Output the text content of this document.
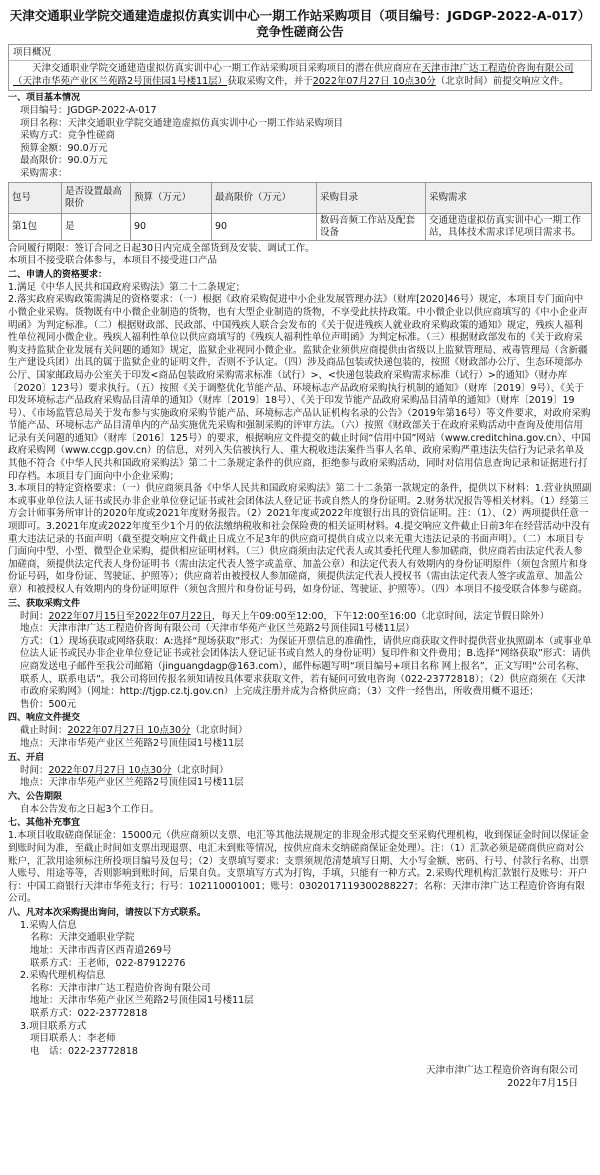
天津交通职业学院交通建造虚拟仿真实训中心一期工作站采购项目（项目编号：JGDGP-2022-A-017）竞争性磋商公告
项目概况
天津交通职业学院交通建造虚拟仿真实训中心一期工作站采购项目采购项目的潜在供应商应在天津市津广达工程造价咨询有限公司（天津市华苑产业区兰苑路2号顶佳园1号楼11层）获取采购文件，并于2022年07月27日 10点30分（北京时间）前提交响应文件。
一、项目基本情况

项目编号：JGDGP-2022-A-017

项目名称：天津交通职业学院交通建造虚拟仿真实训中心一期工作站采购项目

采购方式：竞争性磋商

预算金额：90.0万元

最高限价：90.0万元

采购需求：

包号	是否设置最高限价	预算（万元）	最高限价（万元）	采购目录	采购需求
第1包	是	90	90	数码音频工作站及配套设备	交通建造虚拟仿真实训中心一期工作站，具体技术需求详见项目需求书。

合同履行期限：签订合同之日起30日内完成全部货到及安装、调试工作。

本项目不接受联合体参与，本项目不接受进口产品

二、申请人的资格要求：

1.满足《中华人民共和国政府采购法》第二十二条规定；

2.落实政府采购政策需满足的资格要求：（一）根据《政府采购促进中小企业发展管理办法》（财库[2020]46号）规定，本项目专门面向中小微企业采购。货物既有中小微企业制造的货物，也有大型企业制造的货物，不享受此扶持政策。中小微企业以供应商填写的《中小企业声明函》为判定标准。（二）根据财政部、民政部、中国残疾人联合会发布的《关于促进残疾人就业政府采购政策的通知》规定，残疾人福利性单位视同小微企业。残疾人福利性单位以供应商填写的《残疾人福利性单位声明函》为判定标准。（三）根据财政部发布的《关于政府采购支持监狱企业发展有关问题的通知》规定，监狱企业视同小微企业。监狱企业须供应商提供由省级以上监狱管理局、戒毒管理局（含新疆生产建设兵团）出具的属于监狱企业的证明文件，否则不予认定。（四）涉及商品包装或快递包装的，按照《财政部办公厅、生态环境部办公厅、国家邮政局办公室关于印发<商品包装政府采购需求标准（试行）>、<快递包装政府采购需求标准（试行）>的通知》（财办库〔2020〕123号）要求执行。（五）按照《关于调整优化节能产品、环境标志产品政府采购执行机制的通知》（财库〔2019〕9号）、《关于印发环境标志产品政府采购品目清单的通知》（财库〔2019〕18号）、《关于印发节能产品政府采购品目清单的通知》（财库〔2019〕19号）、《市场监管总局关于发布参与实施政府采购节能产品、环境标志产品认证机构名录的公告》（2019年第16号）等文件要求，对政府采购节能产品、环境标志产品目清单内的产品实施优先采购和强制采购的评审方法。（六）按照《财政部关于在政府采购活动中查询及使用信用记录有关问题的通知》（财库〔2016〕125号）的要求，根据响应文件提交的截止时间“信用中国”网站（www.creditchina.gov.cn）、中国政府采购网（www.ccgp.gov.cn）的信息，对列入失信被执行人、重大税收违法案件当事人名单、政府采购严重违法失信行为记录名单及其他不符合《中华人民共和国政府采购法》第二十二条规定条件的供应商，拒绝参与政府采购活动，同时对信用信息查询记录和证据进行打印存档。本项目专门面向中小企业采购；

3.本项目的特定资格要求：（一）供应商须具备《中华人民共和国政府采购法》第二十二条第一款规定的条件，提供以下材料：1.营业执照副本或事业单位法人证书或民办非企业单位登记证书或社会团体法人登记证书或自然人的身份证明。2.财务状况报告等相关材料。（1）经第三方会计师事务所审计的2020年度或2021年度财务报告。（2）2021年度或2022年度银行出具的资信证明。注：（1）、（2）两项提供任意一项即可。3.2021年度或2022年度至少1个月的依法缴纳税收和社会保险费的相关证明材料。4.提交响应文件截止日前3年在经营活动中没有重大违法记录的书面声明（截至提交响应文件截止日成立不足3年的供应商可提供自成立以来无重大违法记录的书面声明）。（二）本项目专门面向中型、小型、微型企业采购，提供相应证明材料。（三）供应商须由法定代表人或其委托代理人参加磋商，供应商若由法定代表人参加磋商，须提供法定代表人身份证明书（需由法定代表人签字或盖章、加盖公章）和法定代表人有效期内的身份证明原件（须包含照片和身份证号码，如身份证、驾驶证、护照等）；供应商若由被授权人参加磋商，须提供法定代表人授权书（需由法定代表人签字或盖章、加盖公章）和被授权人有效期内的身份证明原件（须包含照片和身份证号码，如身份证、驾驶证、护照等）。（四）本项目不接受联合体参与磋商。

三、获取采购文件

时间：2022年07月15日至2022年07月22日，每天上午09:00至12:00，下午12:00至16:00（北京时间，法定节假日除外）

地点：天津市津广达工程造价咨询有限公司（天津市华苑产业区兰苑路2号顶佳园1号楼11层）

方式：（1）现场获取或网络获取：A:选择“现场获取”形式：为保证开票信息的准确性，请供应商获取文件时提供营业执照副本（或事业单位法人证书或民办非企业单位登记证书或社会团体法人登记证书或自然人的身份证明）复印件和文件费用；B.选择“网络获取”形式：请供应商发送电子邮件至我公司邮箱（jinguangdagp@163.com），邮件标题写明“项目编号+项目名称 网上报名”，正文写明“公司名称、联系人、联系电话”。我公司将回传报名须知请按具体要求获取文件，若有疑问可致电咨询（022-23772818）；（2）供应商须在《天津市政府采购网》（网址：http://tjgp.cz.tj.gov.cn）上完成注册并成为合格供应商；（3）文件一经售出，所收费用概不退还；

售价：500元

四、响应文件提交

截止时间：2022年07月27日 10点30分（北京时间）

地点：天津市华苑产业区兰苑路2号顶佳园1号楼11层

五、开启

时间：2022年07月27日 10点30分（北京时间）

地点：天津市华苑产业区兰苑路2号顶佳园1号楼11层

六、公告期限

自本公告发布之日起3个工作日。

七、其他补充事宜

1.本项目收取磋商保证金：15000元（供应商须以支票、电汇等其他法规规定的非现金形式提交至采购代理机构，收到保证金时间以保证金到账时间为准，至截止时间如支票出现退票、电汇未到账等情况，按供应商未交纳磋商保证金处理）。注：（1）汇款必须是磋商供应商对公账户，汇款用途须标注所投项目编号及包号；（2）支票填写要求：支票须规范清楚填写日期、大小写金额、密码、行号、付款行名称、出票人账号、用途等等，否则影响到账时间，后果自负。支票填写方式为打钩，手填，只能有一种方式。2.采购代理机构汇款银行及账号：开户行：中国工商银行天津市华苑支行；行号：102110001001；账号：0302017119300288227；名称：天津市津广达工程造价咨询有限公司。

八、凡对本次采购提出询问，请按以下方式联系。

1.采购人信息

名称：天津交通职业学院

地址：天津市西青区西青道269号

联系方式：王老师，022-87912276

2.采购代理机构信息

名称：天津市津广达工程造价咨询有限公司

地址：天津市华苑产业区兰苑路2号顶佳园1号楼11层

联系方式：022-23772818

3.项目联系方式

项目联系人：李老师

电　话：022-23772818

天津市津广达工程造价咨询有限公司
2022年7月15日
